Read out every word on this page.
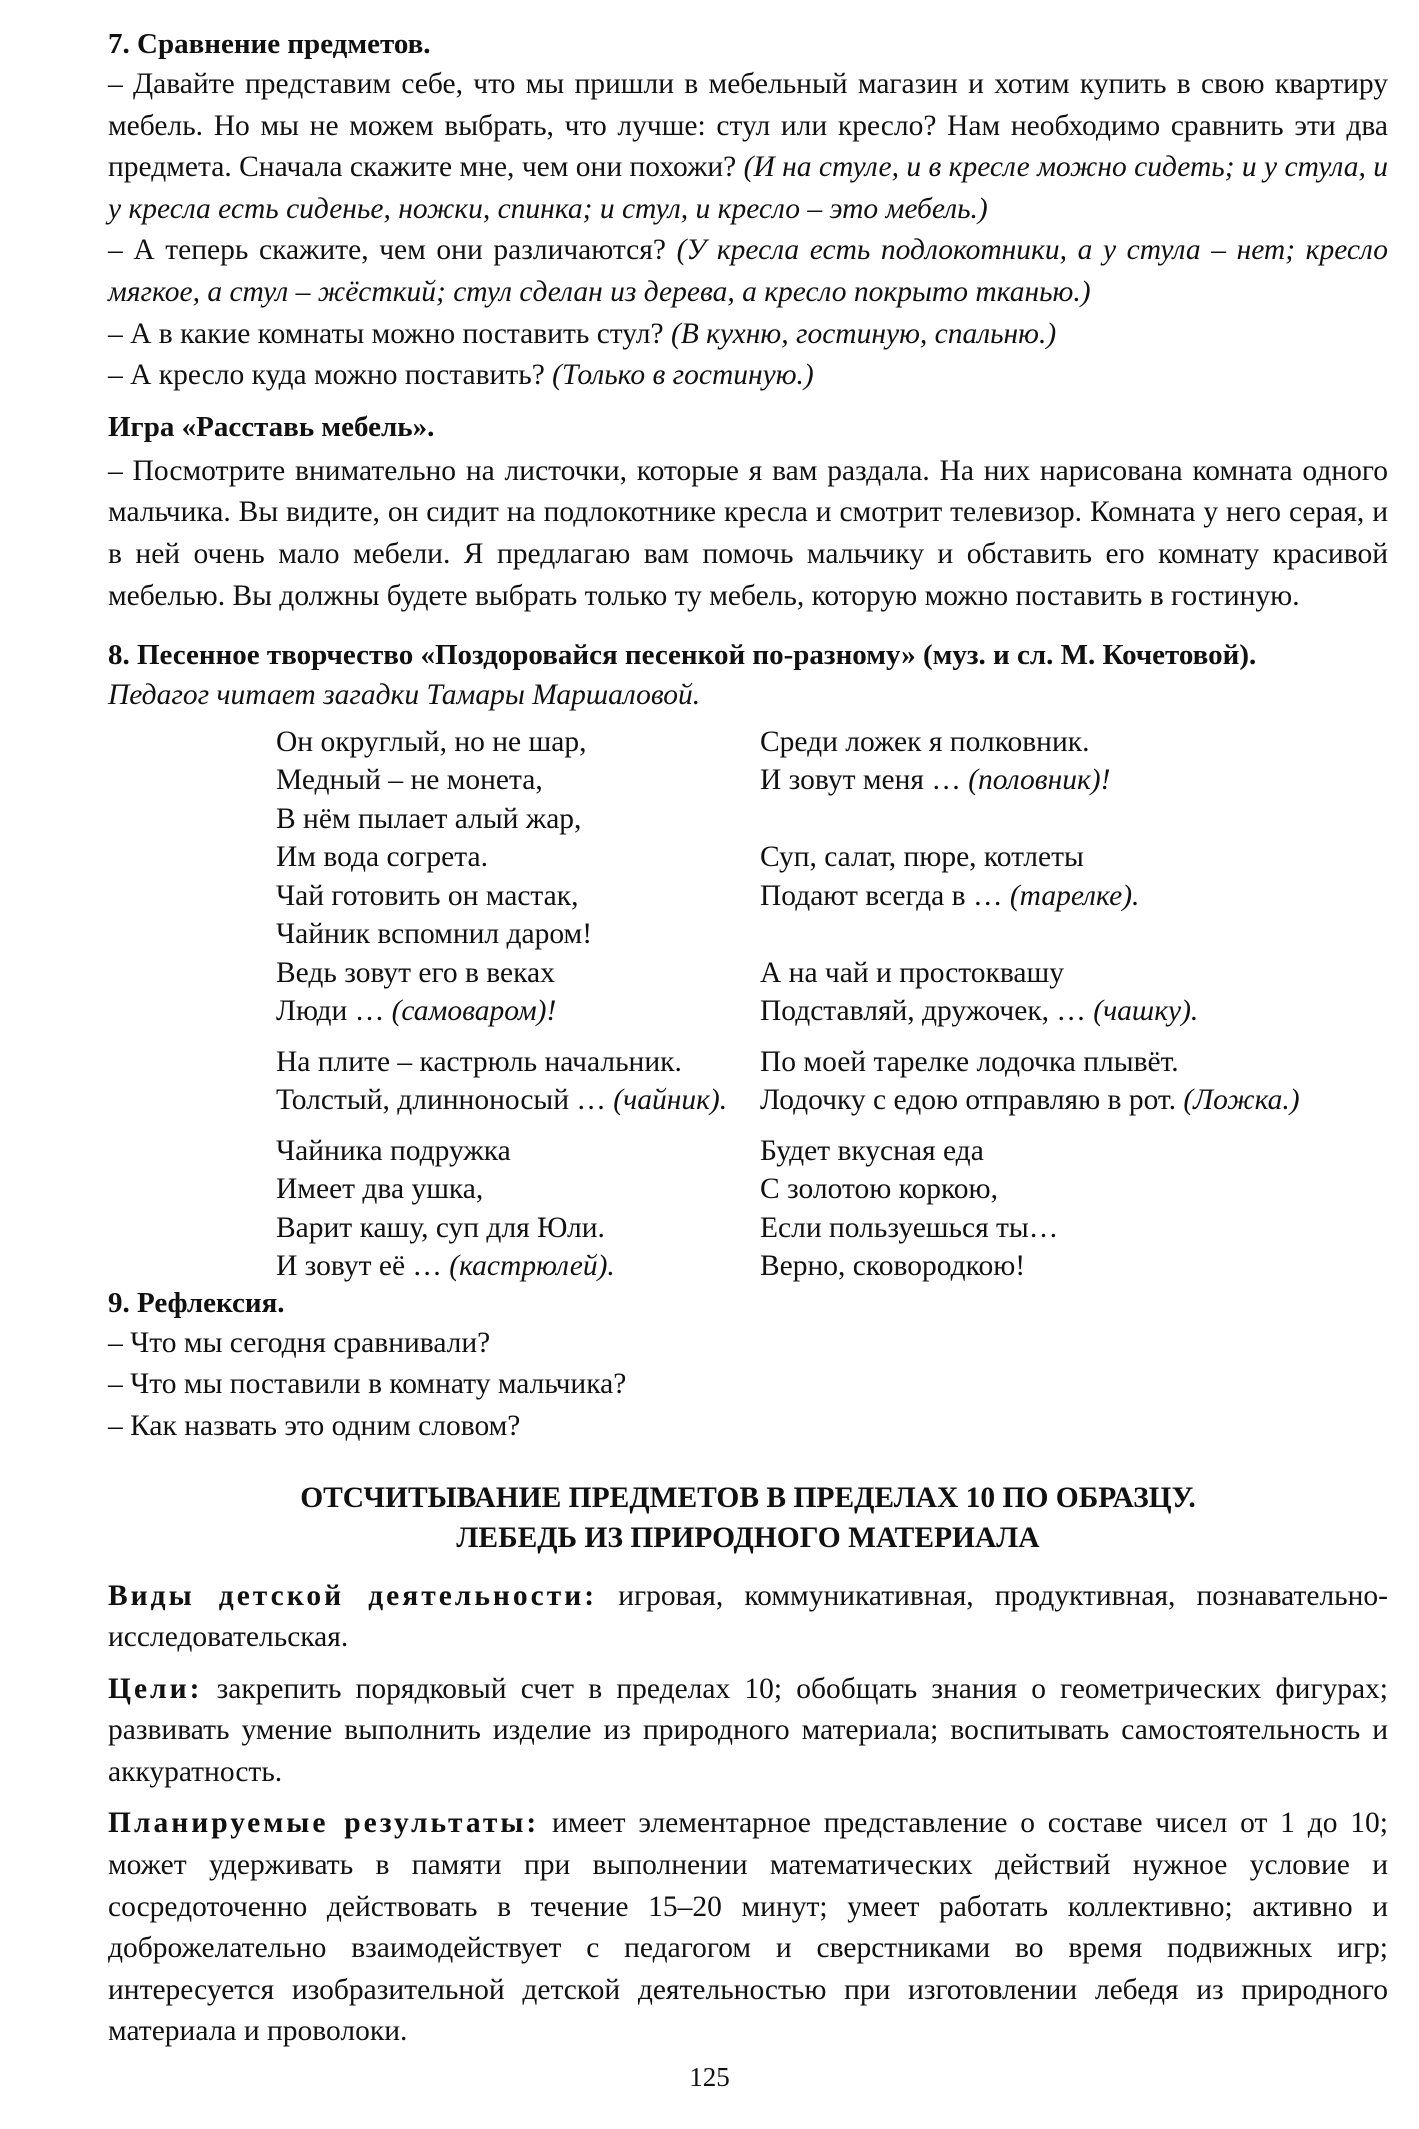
7. Сравнение предметов.

– Давайте представим себе, что мы пришли в мебельный магазин и хотим купить в свою квартиру мебель. Но мы не можем выбрать, что лучше: стул или кресло? Нам необходимо сравнить эти два предмета. Сначала скажите мне, чем они похожи? (И на стуле, и в кресле можно сидеть; и у стула, и у кресла есть сиденье, ножки, спинка; и стул, и кресло – это мебель.)

– А теперь скажите, чем они различаются? (У кресла есть подлокотники, а у стула – нет; кресло мягкое, а стул – жёсткий; стул сделан из дерева, а кресло покрыто тканью.)

– А в какие комнаты можно поставить стул? (В кухню, гостиную, спальню.)

– А кресло куда можно поставить? (Только в гостиную.)

Игра «Расставь мебель».

– Посмотрите внимательно на листочки, которые я вам раздала. На них нарисована комната одного мальчика. Вы видите, он сидит на подлокотнике кресла и смотрит телевизор. Комната у него серая, и в ней очень мало мебели. Я предлагаю вам помочь мальчику и обставить его комнату красивой мебелью. Вы должны будете выбрать только ту мебель, которую можно поставить в гостиную.

8. Песенное творчество «Поздоровайся песенкой по-разному» (муз. и сл. М. Кочетовой).

Педагог читает загадки Тамары Маршаловой.

Он округлый, но не шар,
Медный – не монета,
В нём пылает алый жар,
Им вода согрета.
Чай готовить он мастак,
Чайник вспомнил даром!
Ведь зовут его в веках
Люди … (самоваром)!
На плите – кастрюль начальник.
Толстый, длинноносый … (чайник).
Чайника подружка
Имеет два ушка,
Варит кашу, суп для Юли.
И зовут её … (кастрюлей).
Среди ложек я полковник.
И зовут меня … (половник)!
Суп, салат, пюре, котлеты
Подают всегда в … (тарелке).
А на чай и простоквашу
Подставляй, дружочек, … (чашку).
По моей тарелке лодочка плывёт.
Лодочку с едою отправляю в рот. (Ложка.)
Будет вкусная еда
С золотою коркою,
Если пользуешься ты…
Верно, сковородкою!

9. Рефлексия.

– Что мы сегодня сравнивали?

– Что мы поставили в комнату мальчика?

– Как назвать это одним словом?

ОТСЧИТЫВАНИЕ ПРЕДМЕТОВ В ПРЕДЕЛАХ 10 ПО ОБРАЗЦУ.
ЛЕБЕДЬ ИЗ ПРИРОДНОГО МАТЕРИАЛА

Виды детской деятельности: игровая, коммуникативная, продуктивная, познавательно-исследовательская.

Цели: закрепить порядковый счет в пределах 10; обобщать знания о геометрических фигурах; развивать умение выполнить изделие из природного материала; воспитывать самостоятельность и аккуратность.

Планируемые результаты: имеет элементарное представление о составе чисел от 1 до 10; может удерживать в памяти при выполнении математических действий нужное условие и сосредоточенно действовать в течение 15–20 минут; умеет работать коллективно; активно и доброжелательно взаимодействует с педагогом и сверстниками во время подвижных игр; интересуется изобразительной детской деятельностью при изготовлении лебедя из природного материала и проволоки.

125
